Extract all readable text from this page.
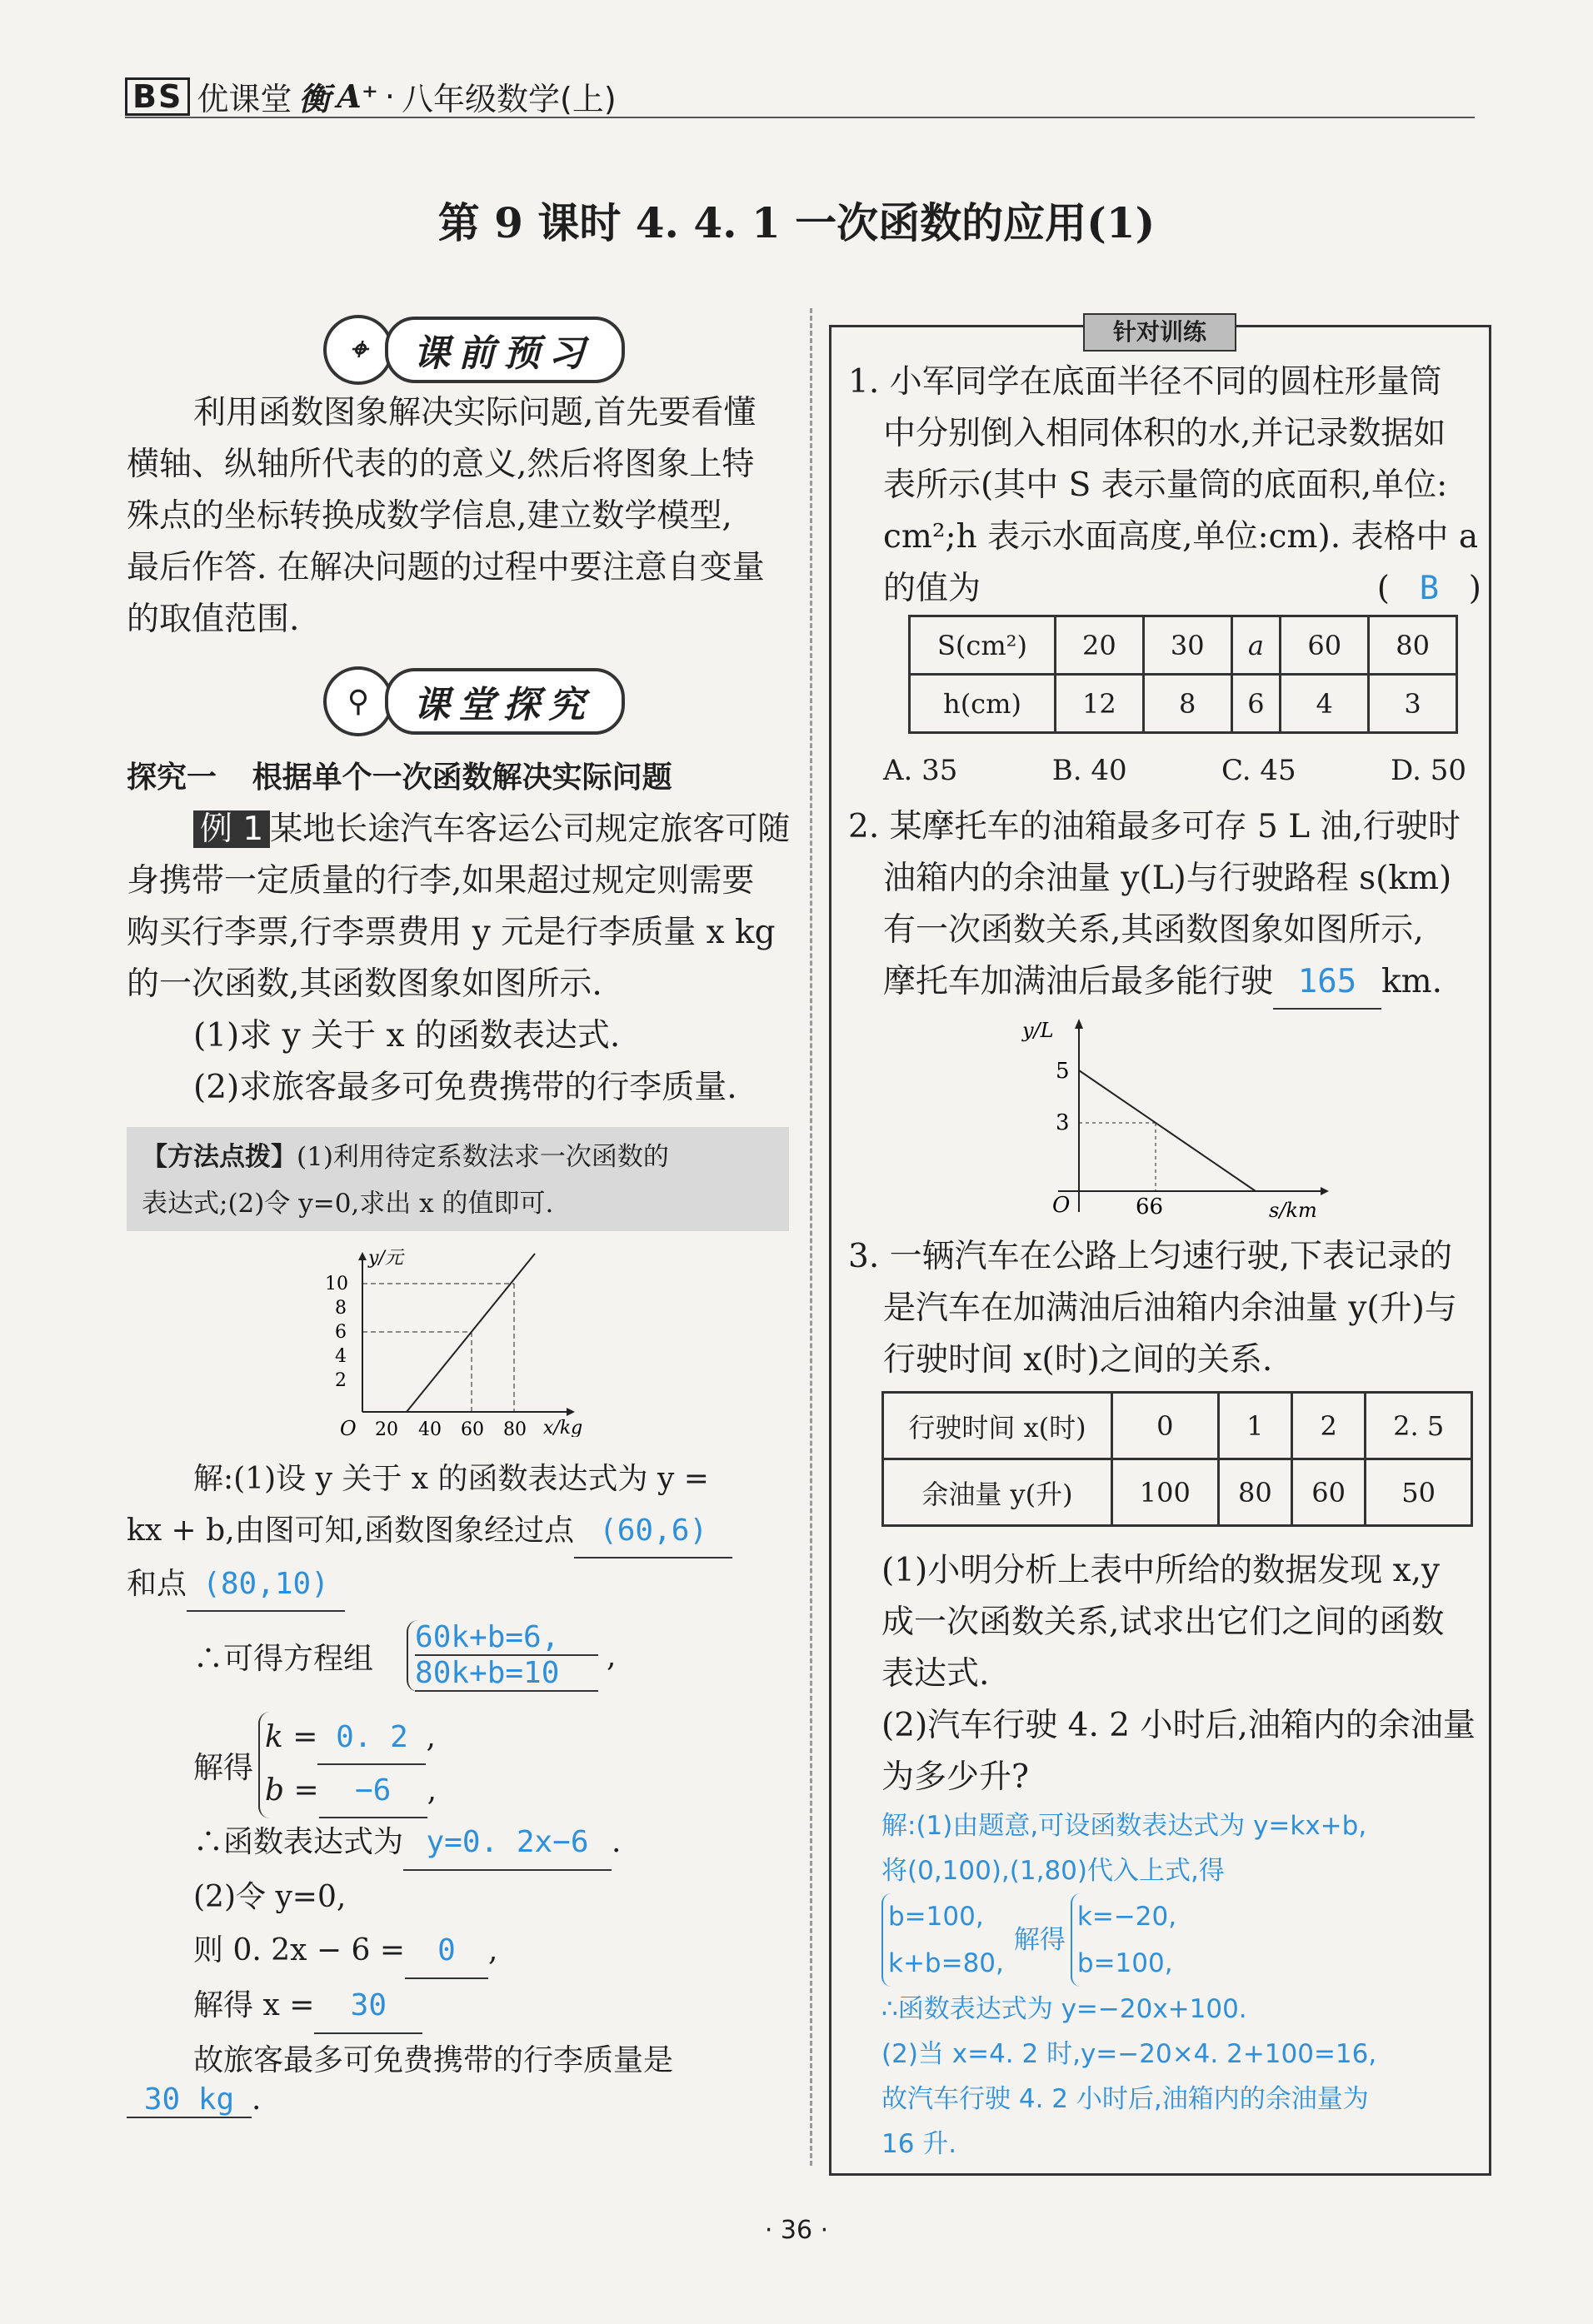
BS 优课堂 衡 A⁺ · 八年级数学(上)
第 9 课时 4. 4. 1 一次函数的应用(1)
⌖	课前预习
利用函数图象解决实际问题,首先要看懂
横轴、纵轴所代表的的意义,然后将图象上特
殊点的坐标转换成数学信息,建立数学模型,
最后作答. 在解决问题的过程中要注意自变量
的取值范围.
⚲	课堂探究
探究一 根据单个一次函数解决实际问题
例 1 某地长途汽车客运公司规定旅客可随
身携带一定质量的行李,如果超过规定则需要
购买行李票,行李票费用 y 元是行李质量 x kg
的一次函数,其函数图象如图所示.
(1)求 y 关于 x 的函数表达式.
(2)求旅客最多可免费携带的行李质量.
【方法点拨】(1)利用待定系数法求一次函数的
表达式;(2)令 y=0,求出 x 的值即可.
y/元
x/kg
O
10
8
6
4
2
20 40 60 80
解:(1)设 y 关于 x 的函数表达式为 y =
kx + b,由图可知,函数图象经过点 (60,6)
和点 (80,10)
∴可得方程组
60k+b=6,
80k+b=10	,
解得
k = 0. 2 ,
b = −6 ,
∴函数表达式为 y=0. 2x−6 .
(2)令 y=0,
则 0. 2x − 6 = 0 ,
解得 x = 30
故旅客最多可免费携带的行李质量是
30 kg .
针对训练
1. 小军同学在底面半径不同的圆柱形量筒
中分别倒入相同体积的水,并记录数据如
表所示(其中 S 表示量筒的底面积,单位:
cm²;h 表示水面高度,单位:cm). 表格中 a
的值为	( B )
S(cm²)	20	30	a	60	80
h(cm)	12	8	6	4	3
A. 35	B. 40	C. 45	D. 50
2. 某摩托车的油箱最多可存 5 L 油,行驶时
油箱内的余油量 y(L)与行驶路程 s(km)
有一次函数关系,其函数图象如图所示,
摩托车加满油后最多能行驶 165 km.
y/L
s/km
O
5
3
66
3. 一辆汽车在公路上匀速行驶,下表记录的
是汽车在加满油后油箱内余油量 y(升)与
行驶时间 x(时)之间的关系.
行驶时间 x(时)	0	1	2	2. 5
余油量 y(升)	100	80	60	50
(1)小明分析上表中所给的数据发现 x,y
成一次函数关系,试求出它们之间的函数
表达式.
(2)汽车行驶 4. 2 小时后,油箱内的余油量
为多少升?
解:(1)由题意,可设函数表达式为 y=kx+b,
将(0,100),(1,80)代入上式,得
b=100,
k+b=80,
解得
k=−20,
b=100,
∴函数表达式为 y=−20x+100.
(2)当 x=4. 2 时,y=−20×4. 2+100=16,
故汽车行驶 4. 2 小时后,油箱内的余油量为
16 升.
· 36 ·
